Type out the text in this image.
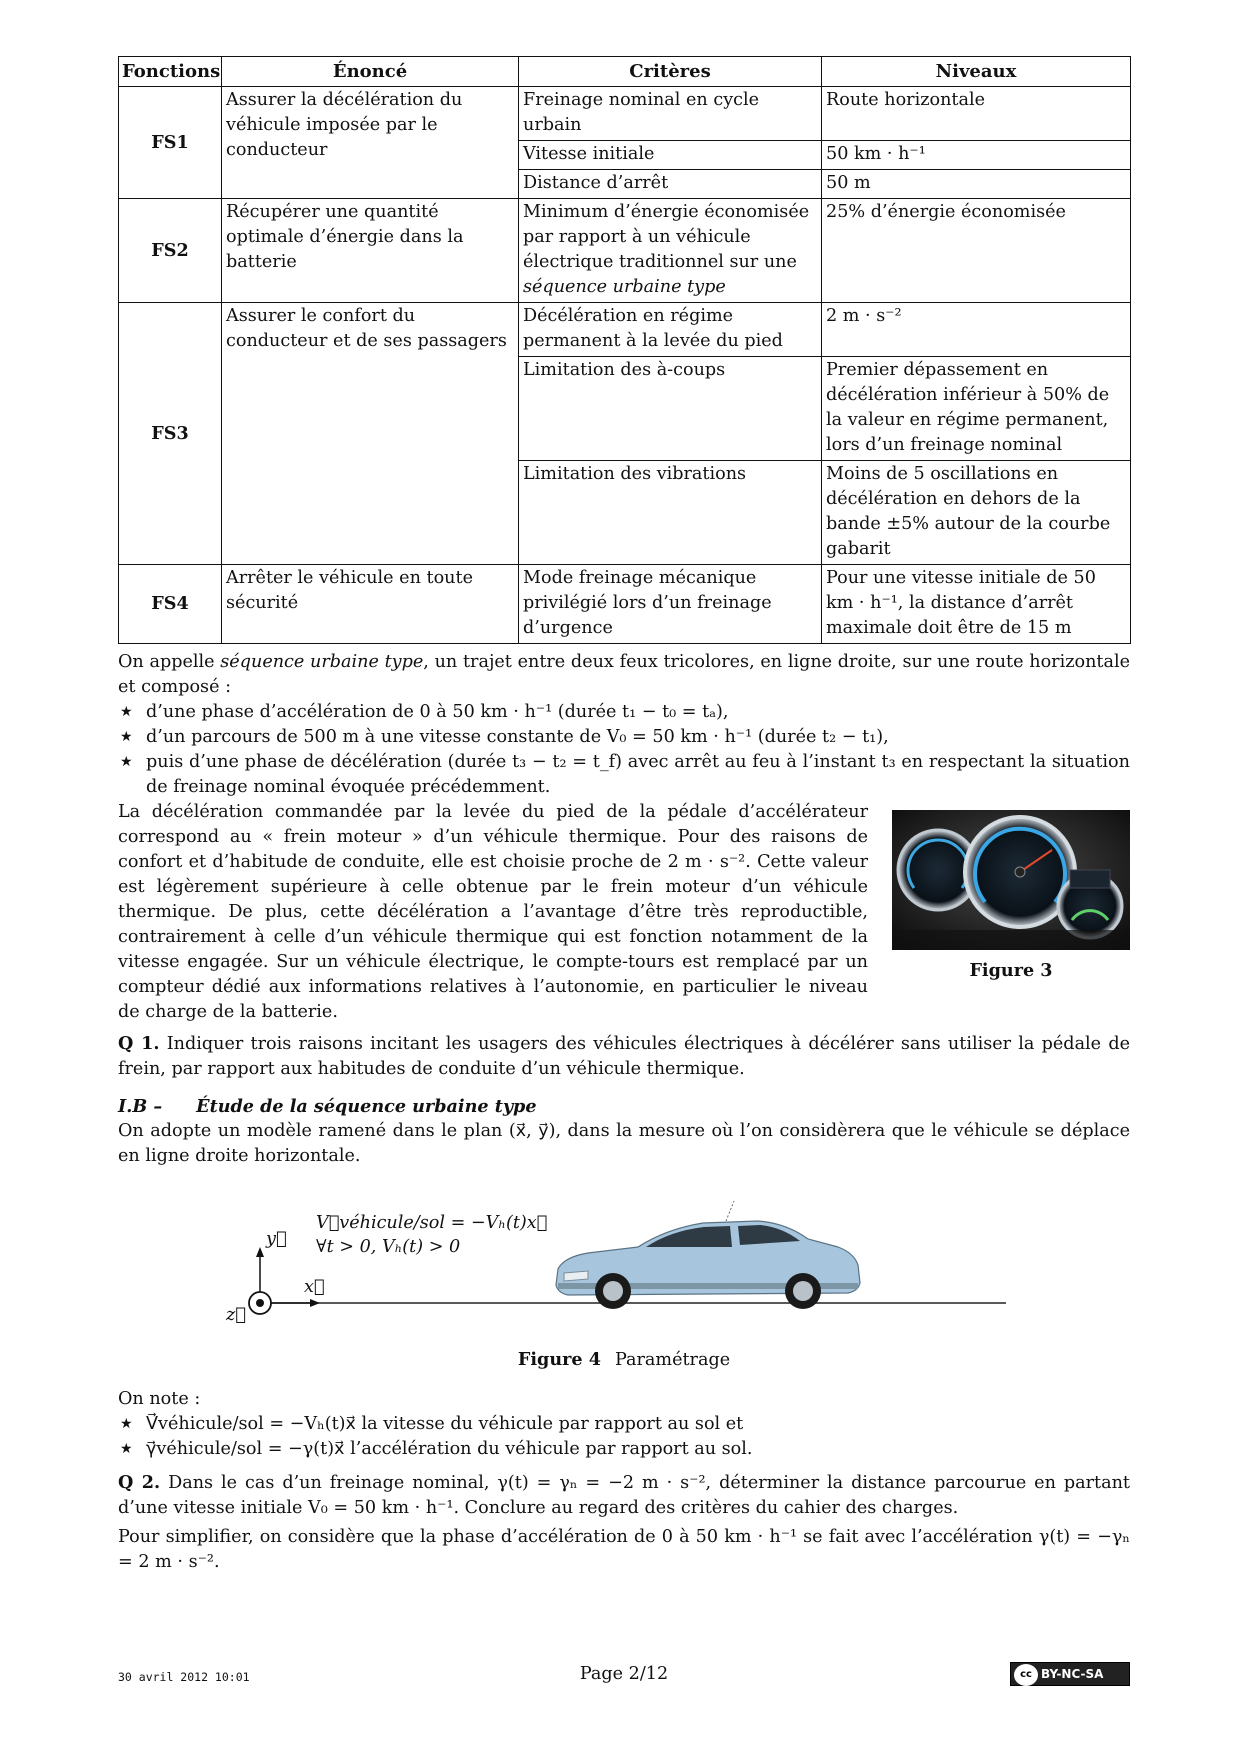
Fonctions	Énoncé	Critères	Niveaux
FS1	Assurer la décélération du véhicule imposée par le conducteur	Freinage nominal en cycle urbain	Route horizontale
		Vitesse initiale	50 km · h⁻¹
		Distance d’arrêt	50 m
FS2	Récupérer une quantité optimale d’énergie dans la batterie	Minimum d’énergie économisée par rapport à un véhicule électrique traditionnel sur une séquence urbaine type	25% d’énergie économisée
FS3	Assurer le confort du conducteur et de ses passagers	Décélération en régime permanent à la levée du pied	2 m · s⁻²
		Limitation des à-coups	Premier dépassement en décélération inférieur à 50% de la valeur en régime permanent, lors d’un freinage nominal
		Limitation des vibrations	Moins de 5 oscillations en décélération en dehors de la bande ±5% autour de la courbe gabarit
FS4	Arrêter le véhicule en toute sécurité	Mode freinage mécanique privilégié lors d’un freinage d’urgence	Pour une vitesse initiale de 50 km · h⁻¹, la distance d’arrêt maximale doit être de 15 m

On appelle séquence urbaine type, un trajet entre deux feux tricolores, en ligne droite, sur une route horizontale et composé :

★ d’une phase d’accélération de 0 à 50 km · h⁻¹ (durée t₁ − t₀ = tₐ),
★ d’un parcours de 500 m à une vitesse constante de V₀ = 50 km · h⁻¹ (durée t₂ − t₁),
★ puis d’une phase de décélération (durée t₃ − t₂ = t_f) avec arrêt au feu à l’instant t₃ en respectant la situation de freinage nominal évoquée précédemment.
Figure 3

La décélération commandée par la levée du pied de la pédale d’accélérateur correspond au « frein moteur » d’un véhicule thermique. Pour des raisons de confort et d’habitude de conduite, elle est choisie proche de 2 m · s⁻². Cette valeur est légèrement supérieure à celle obtenue par le frein moteur d’un véhicule thermique. De plus, cette décélération a l’avantage d’être très reproductible, contrairement à celle d’un véhicule thermique qui est fonction notamment de la vitesse engagée. Sur un véhicule électrique, le compte-tours est remplacé par un compteur dédié aux informations relatives à l’autonomie, en particulier le niveau de charge de la batterie.

Q 1. Indiquer trois raisons incitant les usagers des véhicules électriques à décélérer sans utiliser la pédale de frein, par rapport aux habitudes de conduite d’un véhicule thermique.

I.B – Étude de la séquence urbaine type

On adopte un modèle ramené dans le plan (x⃗, y⃗), dans la mesure où l’on considèrera que le véhicule se déplace en ligne droite horizontale.

V⃗véhicule/sol = −Vₕ(t)x⃗
∀t > 0, Vₕ(t) > 0
y⃗
x⃗
z⃗
Figure 4 Paramétrage

On note :

★ V⃗véhicule/sol = −Vₕ(t)x⃗ la vitesse du véhicule par rapport au sol et
★ γ⃗véhicule/sol = −γ(t)x⃗ l’accélération du véhicule par rapport au sol.

Q 2. Dans le cas d’un freinage nominal, γ(t) = γₙ = −2 m · s⁻², déterminer la distance parcourue en partant d’une vitesse initiale V₀ = 50 km · h⁻¹. Conclure au regard des critères du cahier des charges.

Pour simplifier, on considère que la phase d’accélération de 0 à 50 km · h⁻¹ se fait avec l’accélération γ(t) = −γₙ = 2 m · s⁻².

30 avril 2012 10:01	Page 2/12	cc BY-NC-SA
